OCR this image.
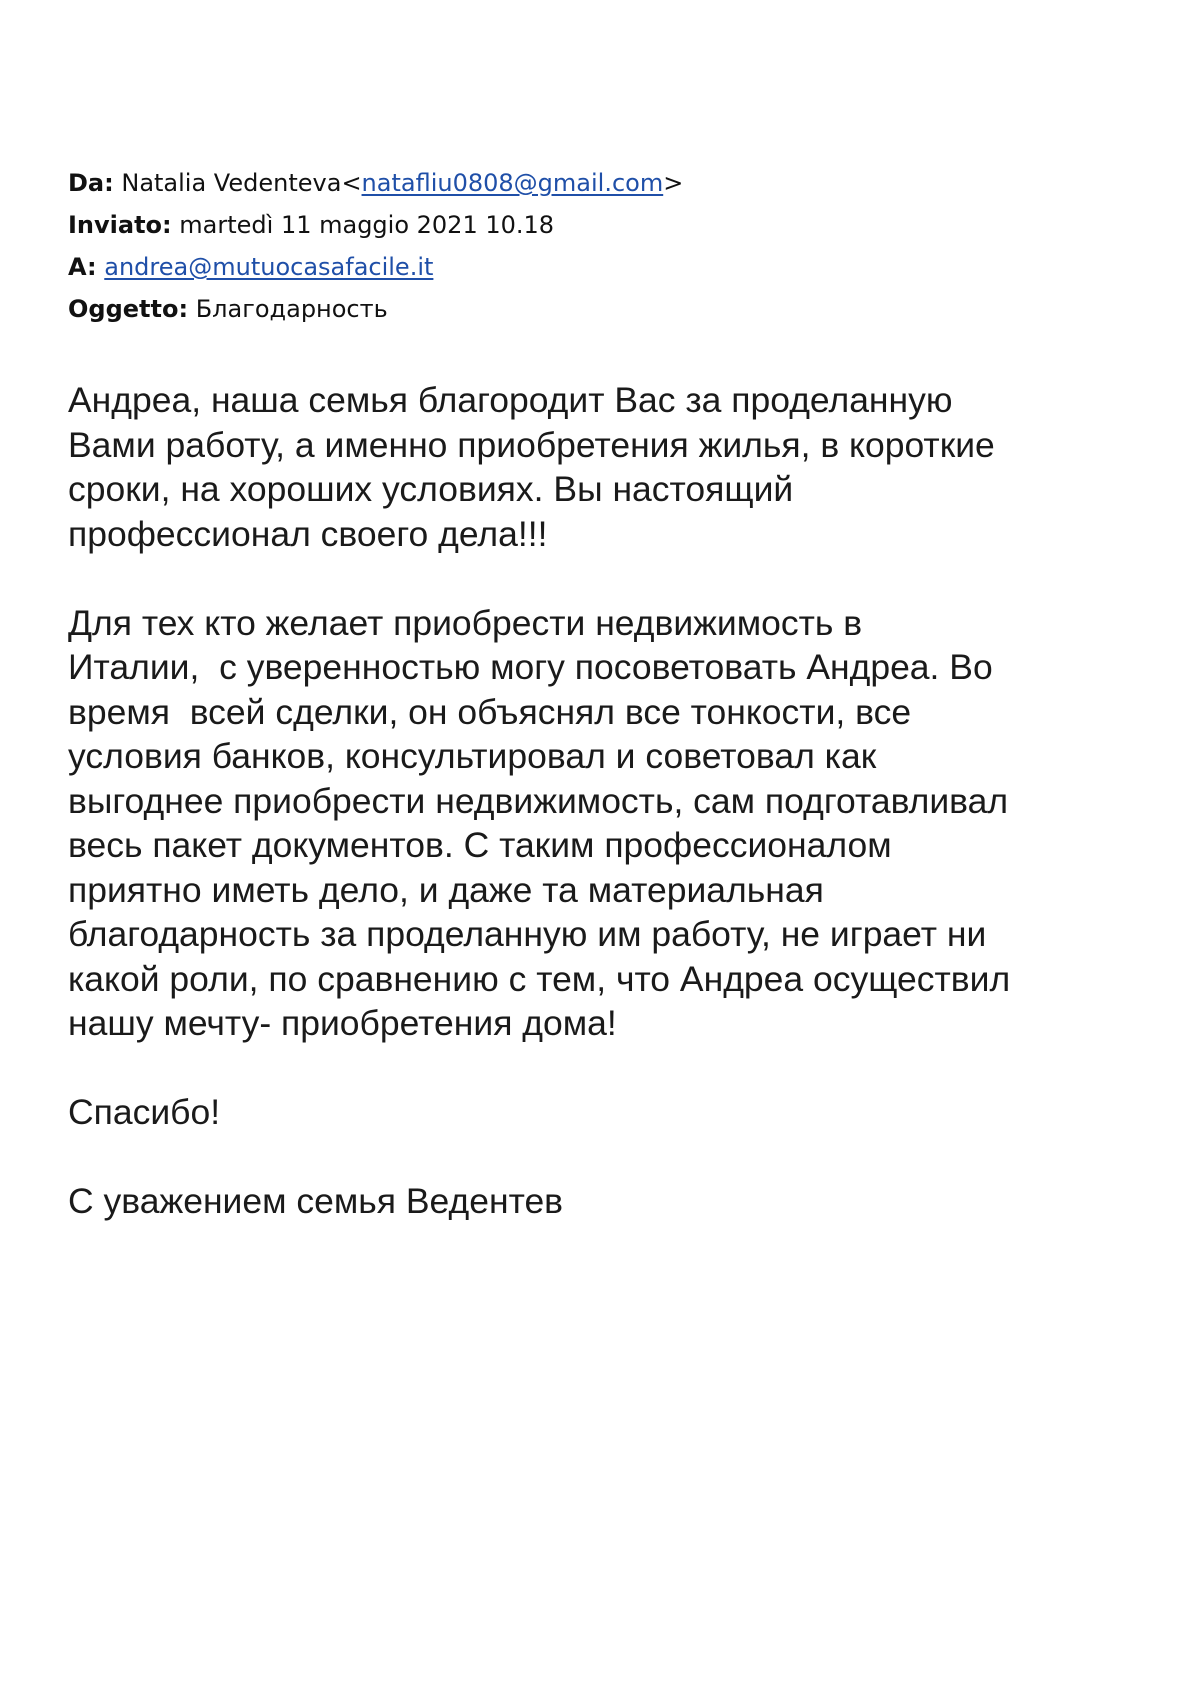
Da: Natalia Vedenteva<natafliu0808@gmail.com>
Inviato: martedì 11 maggio 2021 10.18
A: andrea@mutuocasafacile.it
Oggetto: Благодарность

Андреа, наша семья благородит Вас за проделанную
Вами работу, а именно приобретения жилья, в короткие
сроки, на хороших условиях. Вы настоящий
профессионал своего дела!!!

Для тех кто желает приобрести недвижимость в
Италии,  с уверенностью могу посоветовать Андреа. Во
время  всей сделки, он объяснял все тонкости, все
условия банков, консультировал и советовал как
выгоднее приобрести недвижимость, сам подготавливал
весь пакет документов. С таким профессионалом
приятно иметь дело, и даже та материальная
благодарность за проделанную им работу, не играет ни
какой роли, по сравнению с тем, что Андреа осуществил
нашу мечту- приобретения дома!

Спасибо!

С уважением семья Ведентев
